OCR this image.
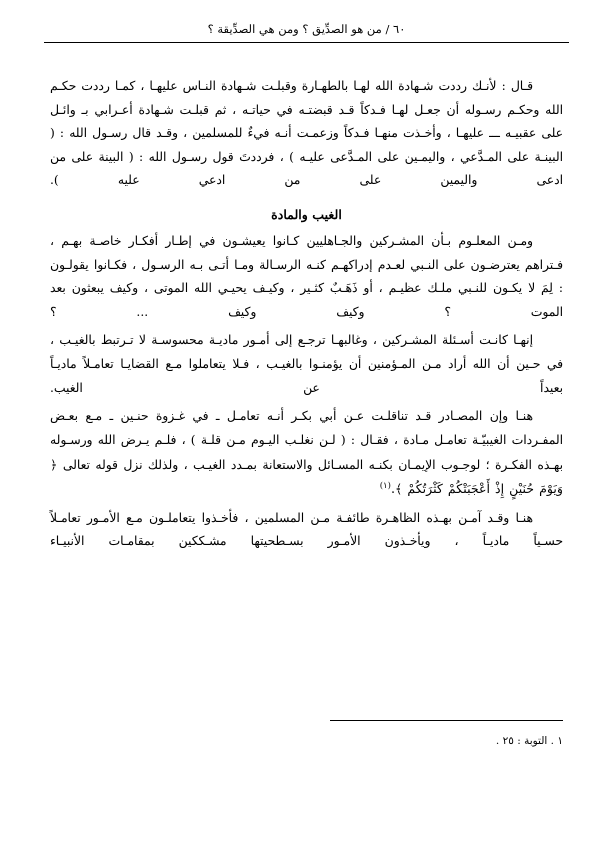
٦٠ / من هو الصدِّيق ؟ ومن هي الصدِّيقة ؟

قـال : لأنـك رددت شـهادة الله لهـا بالطهـارة وقبلـت شـهادة النـاس عليهـا ، كمـا رددت حكـم الله وحكـم رسـوله أن جعـل لهـا فـدكاً قـد قبضتـه في حياتـه ، ثم قبلـت شـهادة أعـرابي بـ وائـل على عقبيـه ـــ عليهـا ، وأخـذت منهـا فـدكاً وزعمـت أنـه فيءٌ للمسلمين ، وقـد قال رسـول الله : ( البينـة على المـدَّعي ، واليمـين على المـدَّعى عليـه ) ، فرددتَ قول رسـول الله : ( البينة على من ادعى واليمين على من ادعي عليه ).

الغيب والمادة

ومـن المعلـوم بـأن المشـركين والجـاهليين كـانوا يعيشـون في إطـار أفكـار خاصـة بهـم ، فـتراهم يعترضـون على النـبي لعـدم إدراكهـم كنـه الرسـالة ومـا أتـى بـه الرسـول ، فكـانوا يقولـون : لِمَ لا يكـون للنـبي ملـك عظيـم ، أو ذَهَـبٌ كثـير ، وكيـف يحيـي الله الموتى ، وكيف يبعثون بعد الموت ؟ وكيف وكيف ... ؟

إنهـا كانـت أسـئلة المشـركين ، وغالبهـا ترجـع إلى أمـور ماديـة محسوسـة لا تـرتبط بالغيـب ، في حـين أن الله أراد مـن المـؤمنين أن يؤمنـوا بالغيـب ، فـلا يتعاملوا مـع القضايـا تعامـلاً ماديـاً بعيداً عن الغيب.

هنـا وإن المصـادر قـد تناقلـت عـن أبي بكـر أنـه تعامـل ـ في غـزوة حنـين ـ مـع بعـض المفـردات الغيبيّـة تعامـل مـادة ، فقـال : ( لـن نغلـب اليـوم مـن قلـة ) ، فلـم يـرض الله ورسـوله بهـذه الفكـرة ؛ لوجـوب الإيمـان بكنـه المسـائل والاستعانة بمـدد الغيـب ، ولذلك نزل قوله تعالى ﴿ وَيَوْمَ حُنَيْنٍ إِذْ أَعْجَبَتْكُمْ كَثْرَتُكُمْ ﴾.$^{(١)}$

هنـا وقـد آمـن بهـذه الظاهـرة طائفـة مـن المسلمين ، فأخـذوا يتعاملـون مـع الأمـور تعامـلاً حسـياً ماديـاً ، ويأخـذون الأمـور بسـطحيتها مشـككين بمقامـات الأنبيـاء

١ . التوبة : ٢٥ .
